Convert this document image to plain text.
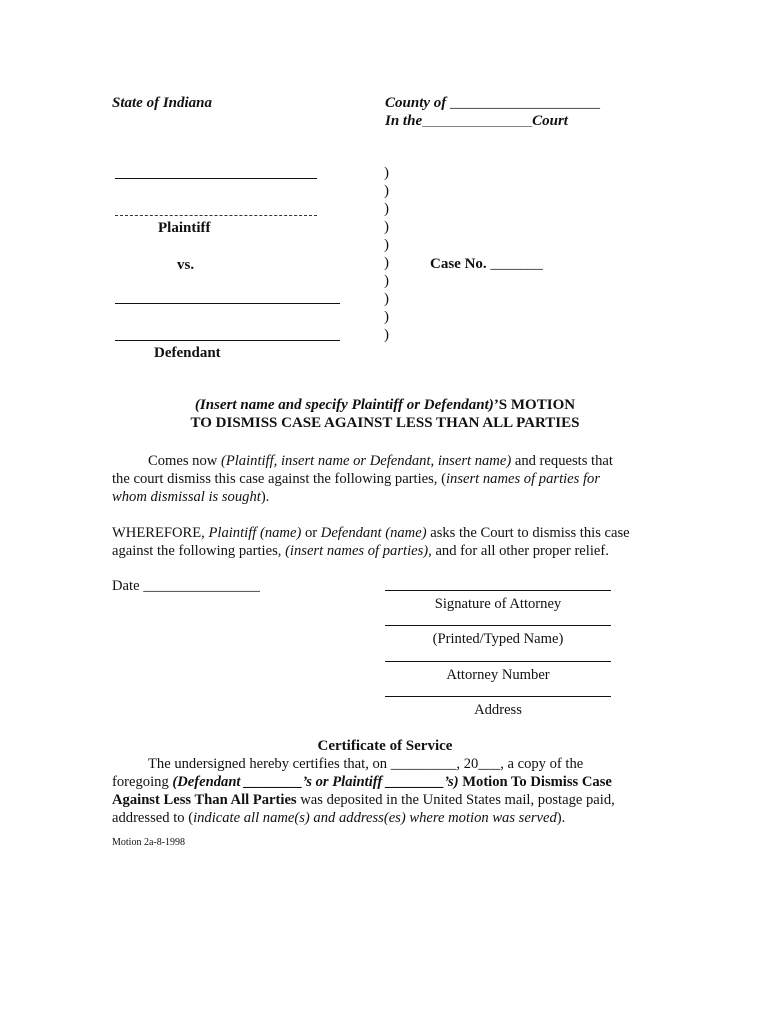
State of Indiana	County of ____________________
In the____________________Court
Plaintiff
vs.
Defendant
)
)
)
)
)
)
)
)
)
)
Case No. _______
(Insert name and specify Plaintiff or Defendant)’S MOTION
TO DISMISS CASE AGAINST LESS THAN ALL PARTIES
Comes now (Plaintiff, insert name or Defendant, insert name) and requests that
the court dismiss this case against the following parties, (insert names of parties for
whom dismissal is sought).
WHEREFORE, Plaintiff (name) or Defendant (name) asks the Court to dismiss this case
against the following parties, (insert names of parties), and for all other proper relief.
Date ________________
Signature of Attorney
(Printed/Typed Name)
Attorney Number
Address
Certificate of Service
The undersigned hereby certifies that, on _________, 20___, a copy of the
foregoing (Defendant ________’s or Plaintiff ________’s) Motion To Dismiss Case
Against Less Than All Parties was deposited in the United States mail, postage paid,
addressed to (indicate all name(s) and address(es) where motion was served).
Motion 2a-8-1998
